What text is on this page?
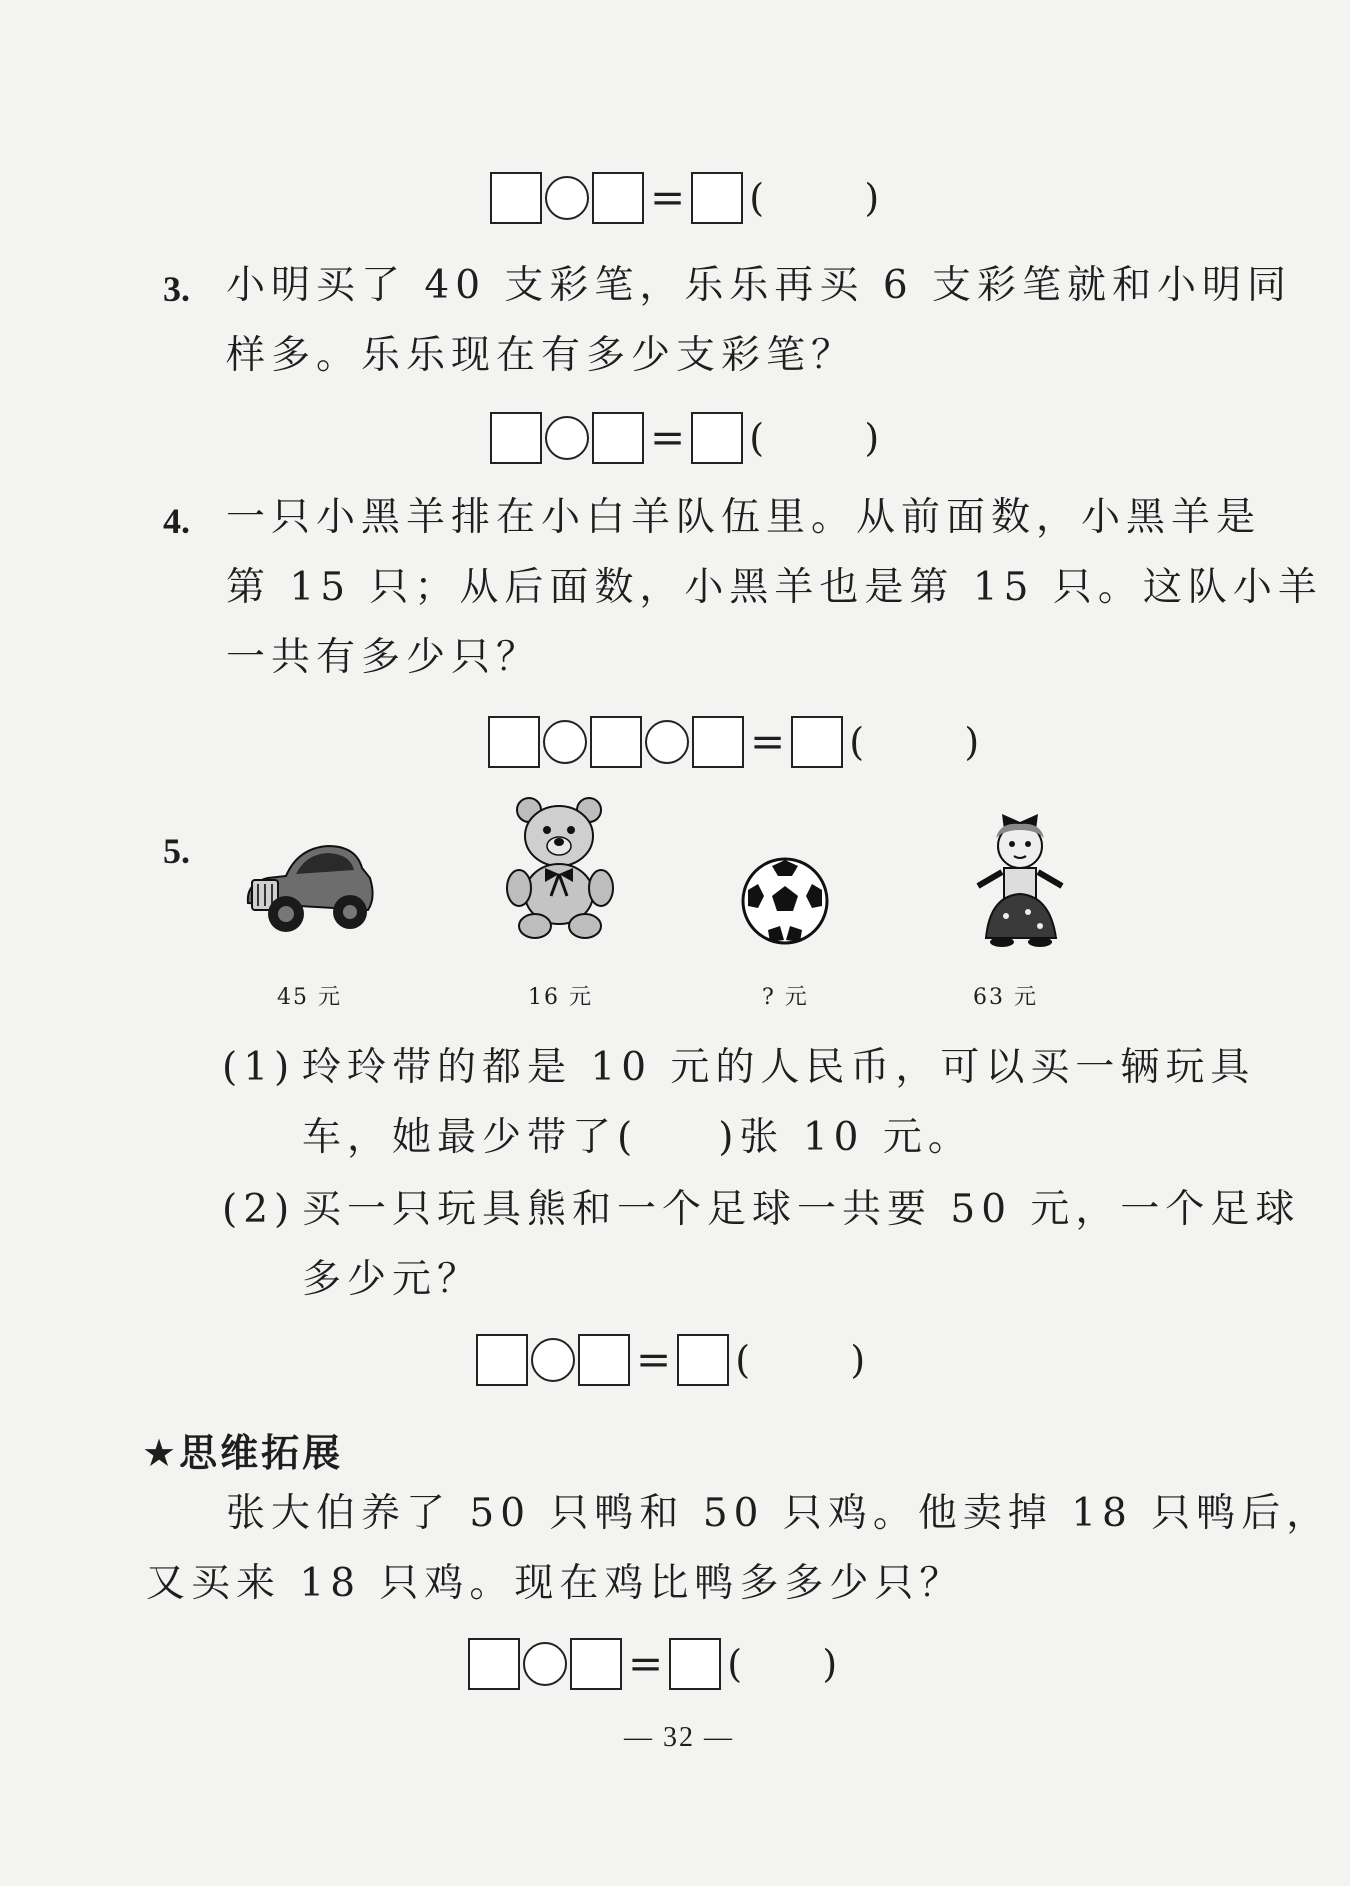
= (	)
3. 小明买了 40 支彩笔，乐乐再买 6 支彩笔就和小明同
样多。乐乐现在有多少支彩笔？
= (	)
4. 一只小黑羊排在小白羊队伍里。从前面数，小黑羊是
第 15 只；从后面数，小黑羊也是第 15 只。这队小羊
一共有多少只？
= (	)
5.
45 元	16 元	? 元	63 元
(1) 玲玲带的都是 10 元的人民币，可以买一辆玩具
车，她最少带了( )张 10 元。
(2) 买一只玩具熊和一个足球一共要 50 元，一个足球
多少元？
= (	)
★思维拓展
张大伯养了 50 只鸭和 50 只鸡。他卖掉 18 只鸭后，
又买来 18 只鸡。现在鸡比鸭多多少只？
= ( )
— 32 —
